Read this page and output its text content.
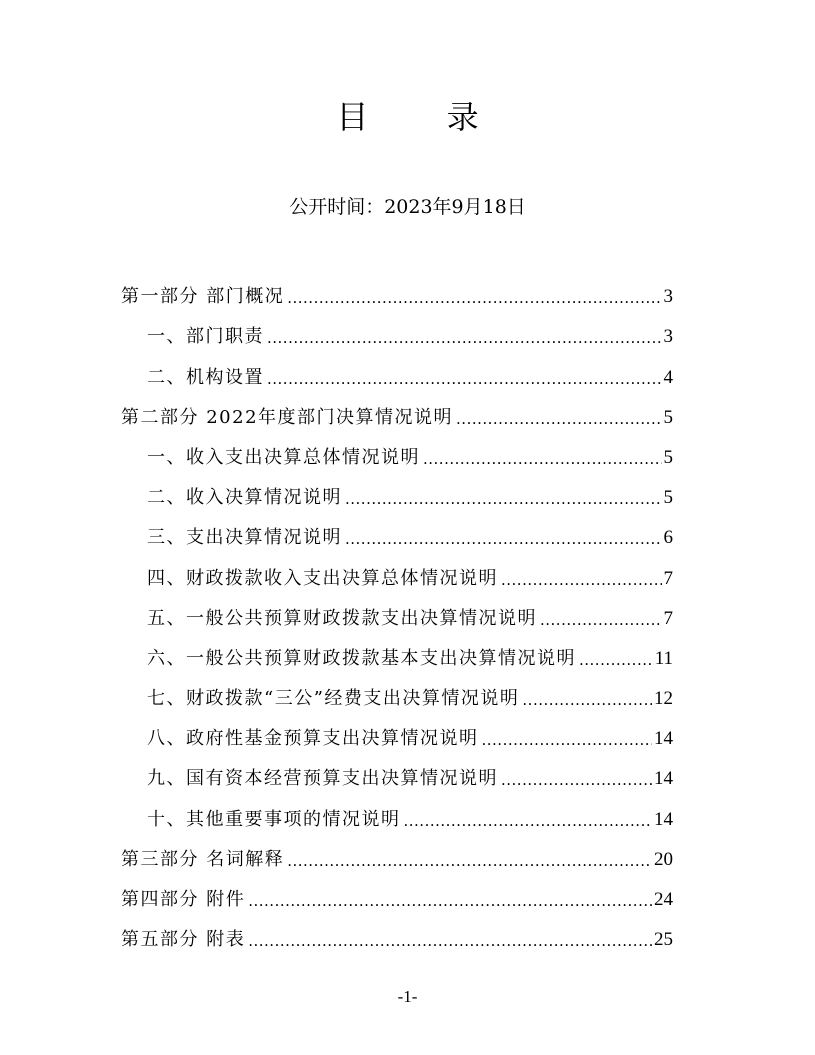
目 录
公开时间：2023年9月18日
第一部分 部门概况 .....	3
一、部门职责 .....	3
二、机构设置 .....	4
第二部分 2022年度部门决算情况说明 .....	5
一、收入支出决算总体情况说明 .....	5
二、收入决算情况说明 .....	5
三、支出决算情况说明 .....	6
四、财政拨款收入支出决算总体情况说明 .....	7
五、一般公共预算财政拨款支出决算情况说明 .....	7
六、一般公共预算财政拨款基本支出决算情况说明 .....	11
七、财政拨款“三公”经费支出决算情况说明 .....	12
八、政府性基金预算支出决算情况说明 .....	14
九、国有资本经营预算支出决算情况说明 .....	14
十、其他重要事项的情况说明 .....	14
第三部分 名词解释 .....	20
第四部分 附件 .....	24
第五部分 附表 .....	25
-1-
